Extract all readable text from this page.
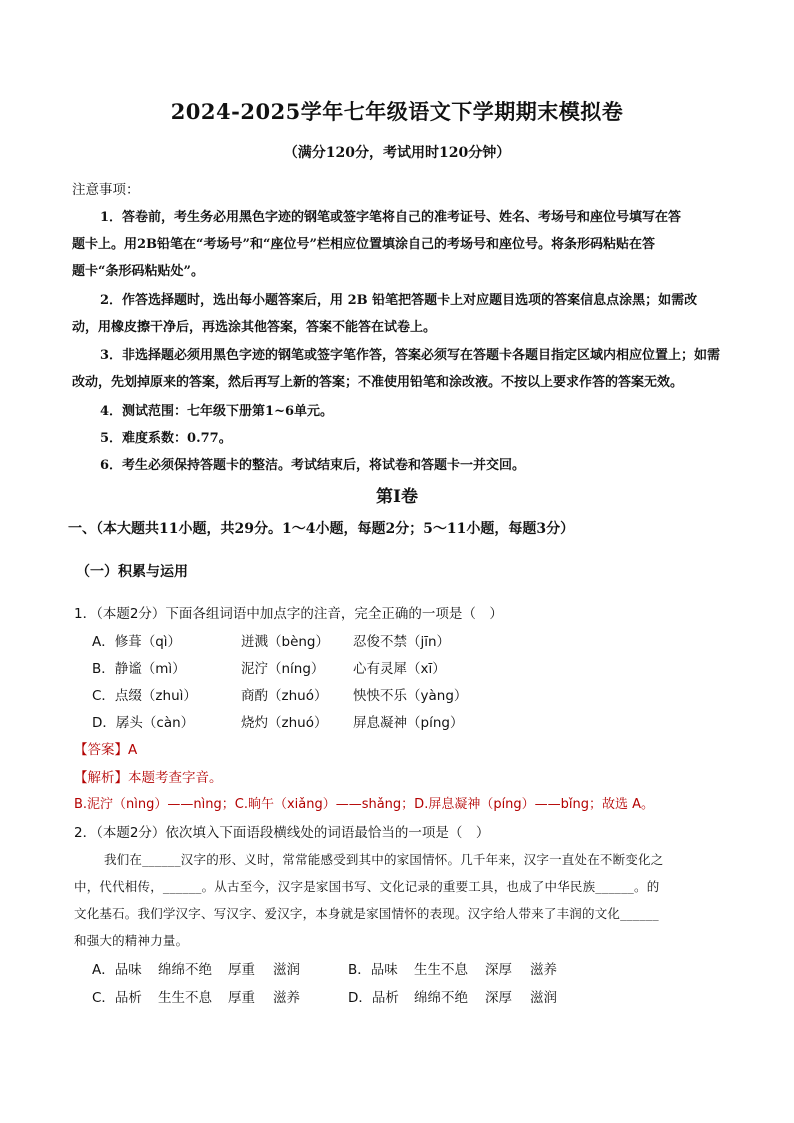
2024-2025学年七年级语文下学期期末模拟卷
（满分120分，考试用时120分钟）
注意事项：

1．答卷前，考生务必用黑色字迹的钢笔或签字笔将自己的准考证号、姓名、考场号和座位号填写在答

题卡上。用2B铅笔在“考场号”和“座位号”栏相应位置填涂自己的考场号和座位号。将条形码粘贴在答

题卡“条形码粘贴处”。

2．作答选择题时，选出每小题答案后，用 2B 铅笔把答题卡上对应题目选项的答案信息点涂黑；如需改

动，用橡皮擦干净后，再选涂其他答案，答案不能答在试卷上。

3．非选择题必须用黑色字迹的钢笔或签字笔作答，答案必须写在答题卡各题目指定区域内相应位置上；如需

改动，先划掉原来的答案，然后再写上新的答案；不准使用铅笔和涂改液。不按以上要求作答的答案无效。

4．测试范围：七年级下册第1~6单元。

5．难度系数：0.77。

6．考生必须保持答题卡的整洁。考试结束后，将试卷和答题卡一并交回。

第Ⅰ卷
一、（本大题共11小题，共29分。1～4小题，每题2分；5～11小题，每题3分）
（一）积累与运用
1．（本题2分）下面各组词语中加点字的注音，完全正确的一项是（　）
A．修葺（qì）	迸溅（bèng） 忍俊不禁（jīn）
B．静谧（mì）	泥泞（níng） 心有灵犀（xī）
C．点缀（zhuì）	商酌（zhuó） 怏怏不乐（yàng）
D．孱头（càn）	烧灼（zhuó） 屏息凝神（píng）
【答案】A
【解析】本题考查字音。
B.泥泞（nìng）——nìng；C.晌午（xiǎng）——shǎng；D.屏息凝神（píng）——bǐng；故选 A。
2．（本题2分）依次填入下面语段横线处的词语最恰当的一项是（　）
我们在______汉字的形、义时，常常能感受到其中的家国情怀。几千年来，汉字一直处在不断变化之
中，代代相传，______。从古至今，汉字是家国书写、文化记录的重要工具，也成了中华民族______。的
文化基石。我们学汉字、写汉字、爱汉字，本身就是家国情怀的表现。汉字给人带来了丰润的文化______
和强大的精神力量。
A．品味 绵绵不绝 厚重 滋润	B．品味 生生不息 深厚 滋养
C．品析 生生不息 厚重 滋养	D．品析 绵绵不绝 深厚 滋润
